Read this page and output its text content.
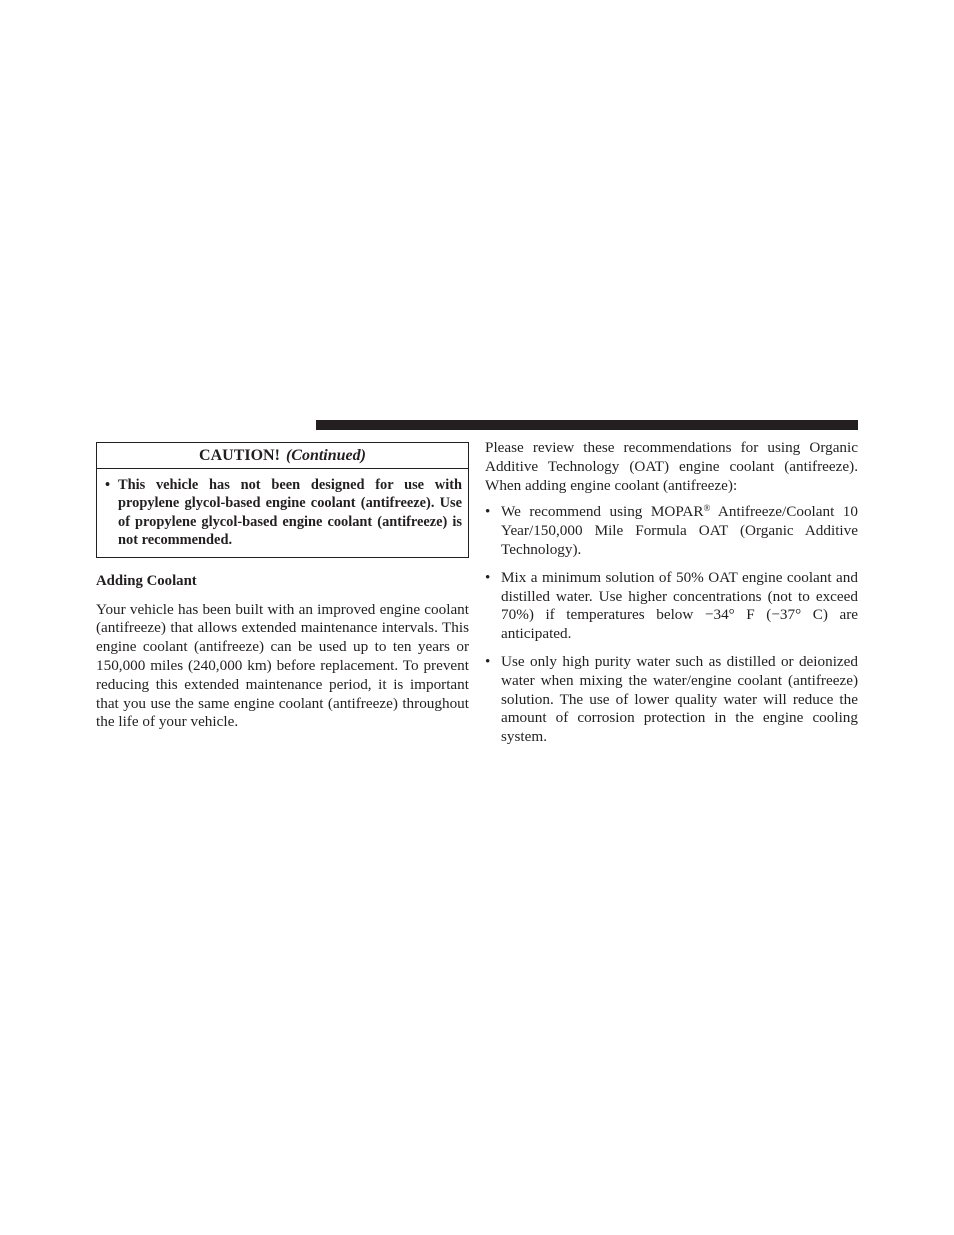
CAUTION! (Continued)
• This vehicle has not been designed for use with propylene glycol-based engine coolant (antifreeze). Use of propylene glycol-based engine coolant (antifreeze) is not recommended.
Adding Coolant
Your vehicle has been built with an improved engine coolant (antifreeze) that allows extended maintenance intervals. This engine coolant (antifreeze) can be used up to ten years or 150,000 miles (240,000 km) before replacement. To prevent reducing this extended maintenance period, it is important that you use the same engine coolant (antifreeze) throughout the life of your vehicle.
Please review these recommendations for using Organic Additive Technology (OAT) engine coolant (antifreeze). When adding engine coolant (antifreeze):
• We recommend using MOPAR® Antifreeze/Coolant 10 Year/150,000 Mile Formula OAT (Organic Additive Technology).
• Mix a minimum solution of 50% OAT engine coolant and distilled water. Use higher concentrations (not to exceed 70%) if temperatures below −34° F (−37° C) are anticipated.
• Use only high purity water such as distilled or deionized water when mixing the water/engine coolant (antifreeze) solution. The use of lower quality water will reduce the amount of corrosion protection in the engine cooling system.
